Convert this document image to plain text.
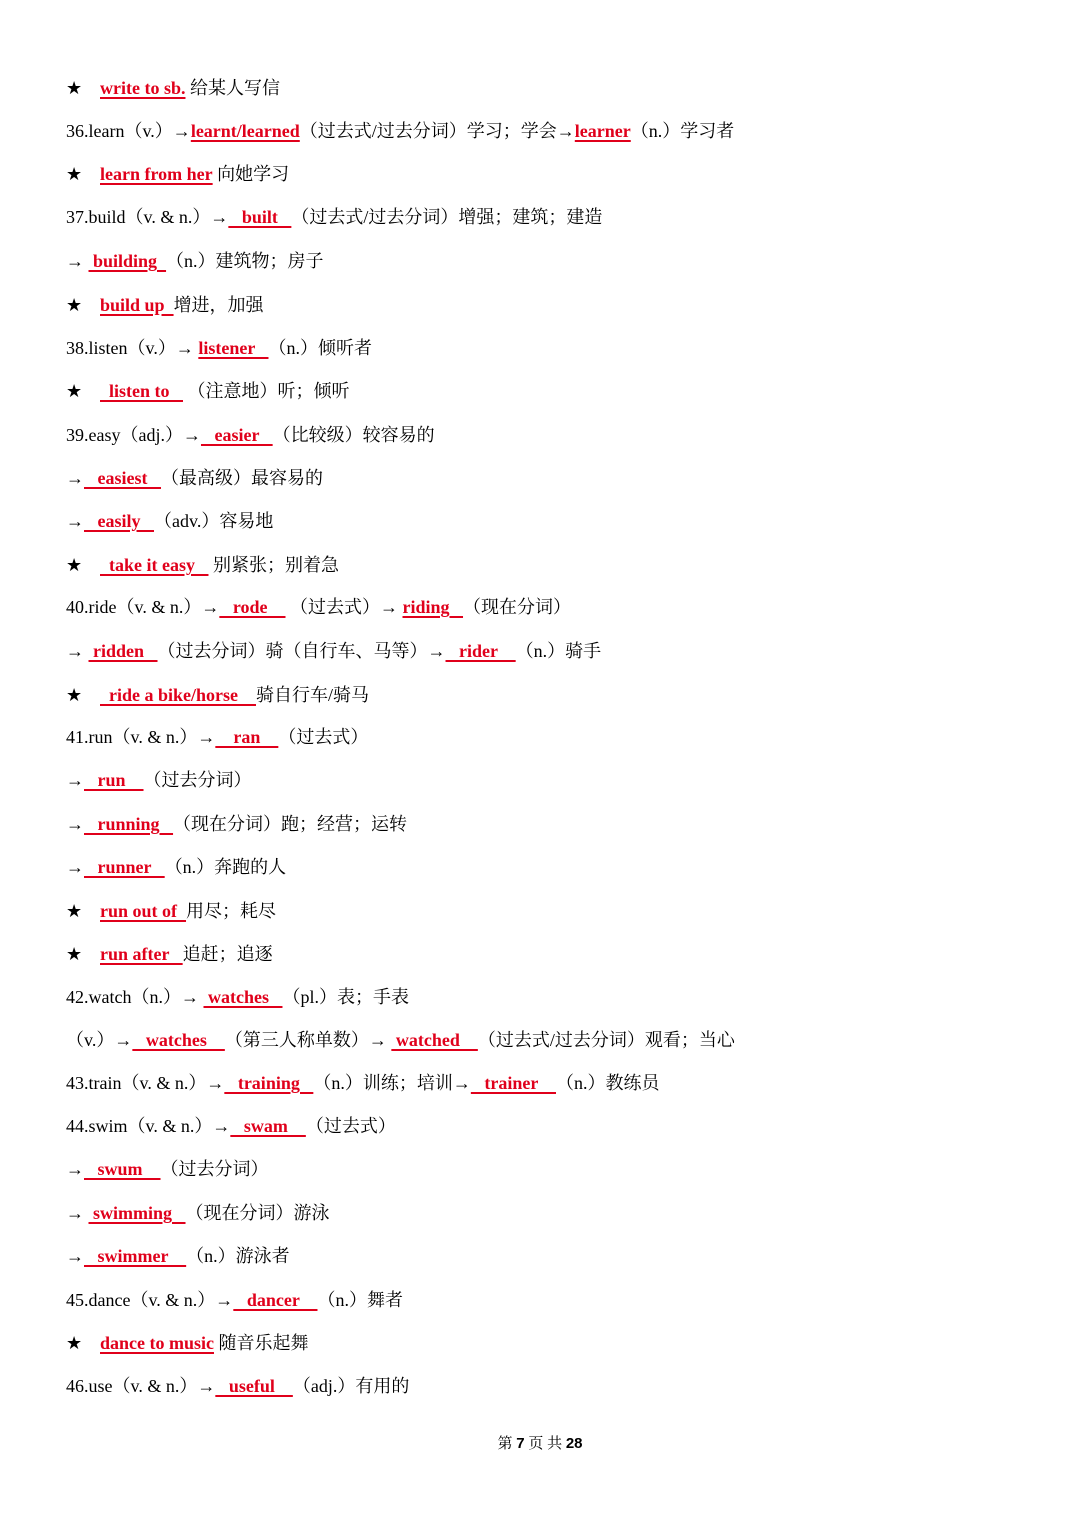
★ write to sb. 给某人写信
36.learn（v.）→learnt/learned（过去式/过去分词）学习；学会→learner（n.）学习者
★ learn from her 向她学习
37.build（v. & n.）→   built   （过去式/过去分词）增强；建筑；建造
→  building  （n.）建筑物；房子
★ build up  增进，加强
38.listen（v.）→ listener   （n.）倾听者
★  listen to    （注意地）听；倾听
39.easy（adj.）→   easier   （比较级）较容易的
→   easiest   （最高级）最容易的
→   easily   （adv.）容易地
★  take it easy    别紧张；别着急
40.ride（v. & n.）→   rode     （过去式）→ riding   （现在分词）
→  ridden   （过去分词）骑（自行车、马等）→   rider    （n.）骑手
★  ride a bike/horse    骑自行车/骑马
41.run（v. & n.）→    ran    （过去式）
→   run    （过去分词）
→   running   （现在分词）跑；经营；运转
→   runner   （n.）奔跑的人
★ run out of  用尽；耗尽
★ run after   追赶；追逐
42.watch（n.）→  watches   （pl.）表；手表
（v.）→   watches    （第三人称单数）→  watched    （过去式/过去分词）观看；当心
43.train（v. & n.）→   training   （n.）训练；培训→   trainer    （n.）教练员
44.swim（v. & n.）→   swam    （过去式）
→   swum    （过去分词）
→  swimming   （现在分词）游泳
→   swimmer    （n.）游泳者
45.dance（v. & n.）→   dancer    （n.）舞者
★ dance to music 随音乐起舞
46.use（v. & n.）→   useful    （adj.）有用的
第 7 页 共 28
